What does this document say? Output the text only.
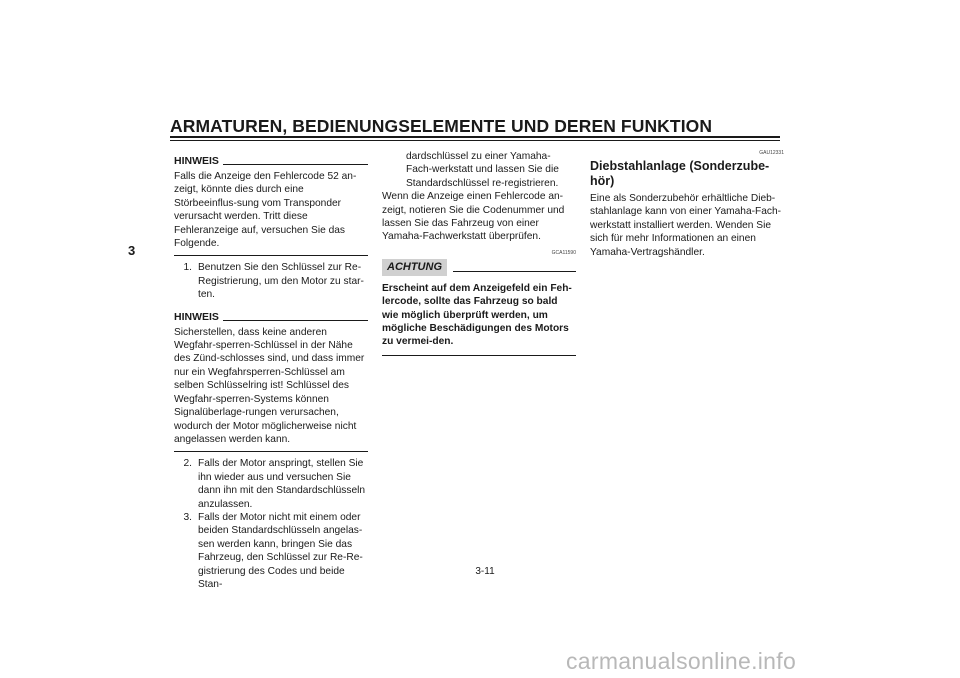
ARMATUREN, BEDIENUNGSELEMENTE UND DEREN FUNKTION
3
HINWEIS

Falls die Anzeige den Fehlercode 52 an-zeigt, könnte dies durch eine Störbeeinflus-sung vom Transponder verursacht werden. Tritt diese Fehleranzeige auf, versuchen Sie das Folgende.

1. Benutzen Sie den Schlüssel zur Re-Registrierung, um den Motor zu star-ten.
HINWEIS

Sicherstellen, dass keine anderen Wegfahr-sperren-Schlüssel in der Nähe des Zünd-schlosses sind, und dass immer nur ein Wegfahrsperren-Schlüssel am selben Schlüsselring ist! Schlüssel des Wegfahr-sperren-Systems können Signalüberlage-rungen verursachen, wodurch der Motor möglicherweise nicht angelassen werden kann.

2. Falls der Motor anspringt, stellen Sie ihn wieder aus und versuchen Sie dann ihn mit den Standardschlüsseln anzulassen.
3. Falls der Motor nicht mit einem oder beiden Standardschlüsseln angelas-sen werden kann, bringen Sie das Fahrzeug, den Schlüssel zur Re-Re-gistrierung des Codes und beide Stan-

dardschlüssel zu einer Yamaha-Fach-werkstatt und lassen Sie die Standardschlüssel re-registrieren.

Wenn die Anzeige einen Fehlercode an-zeigt, notieren Sie die Codenummer und lassen Sie das Fahrzeug von einer Yamaha-Fachwerkstatt überprüfen.

GCA11590
ACHTUNG

Erscheint auf dem Anzeigefeld ein Feh-lercode, sollte das Fahrzeug so bald wie möglich überprüft werden, um mögliche Beschädigungen des Motors zu vermei-den.

GAU12331
Diebstahlanlage (Sonderzube-hör)

Eine als Sonderzubehör erhältliche Dieb-stahlanlage kann von einer Yamaha-Fach-werkstatt installiert werden. Wenden Sie sich für mehr Informationen an einen Yamaha-Vertragshändler.

3-11
carmanualsonline.info
